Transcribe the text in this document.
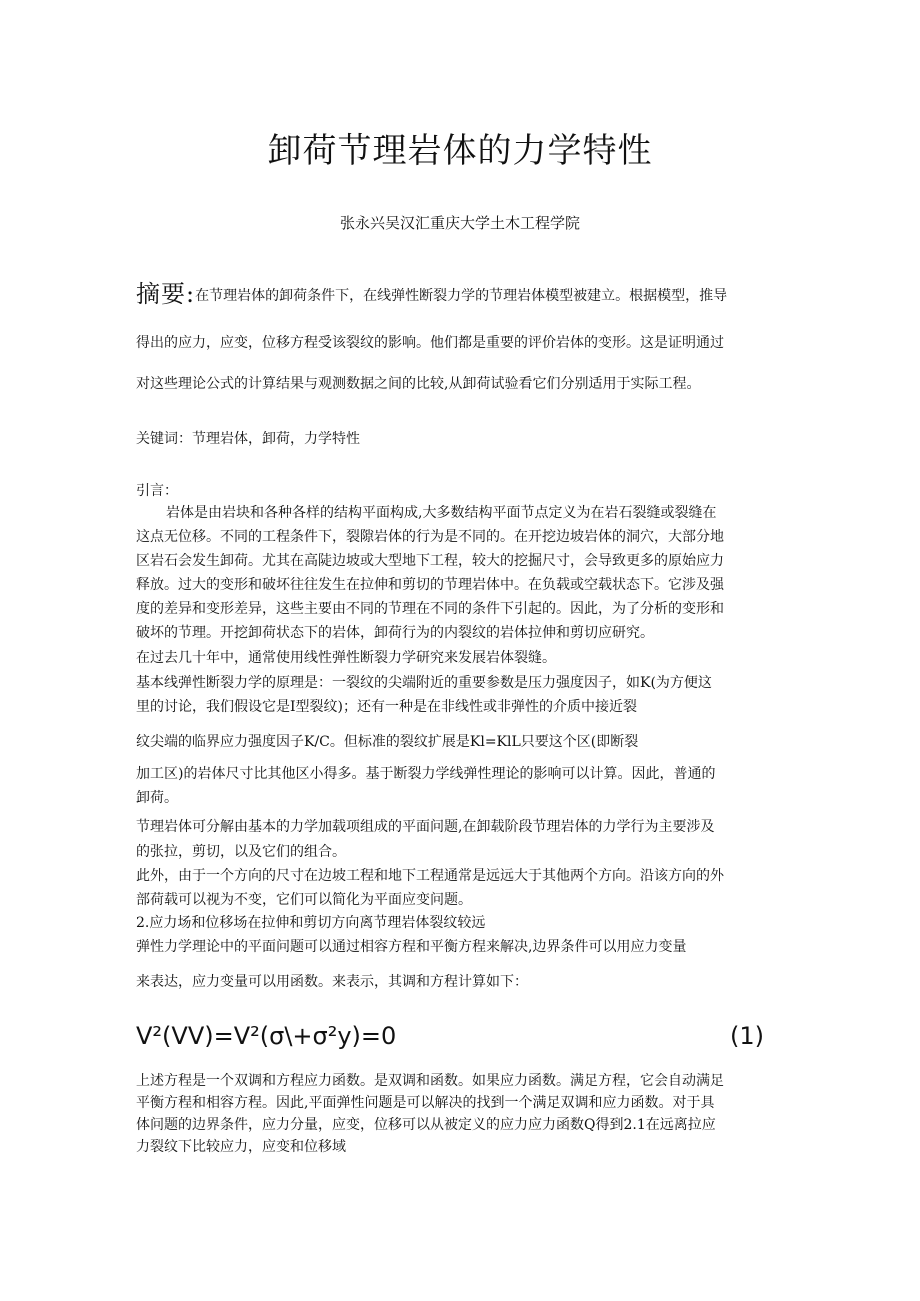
卸荷节理岩体的力学特性
张永兴吴汉汇重庆大学土木工程学院
摘要:在节理岩体的卸荷条件下，在线弹性断裂力学的节理岩体模型被建立。根据模型，推导
得出的应力，应变，位移方程受该裂纹的影响。他们都是重要的评价岩体的变形。这是证明通过
对这些理论公式的计算结果与观测数据之间的比较,从卸荷试验看它们分别适用于实际工程。
关键词：节理岩体，卸荷，力学特性
引言：
岩体是由岩块和各种各样的结构平面构成,大多数结构平面节点定义为在岩石裂缝或裂缝在
这点无位移。不同的工程条件下，裂隙岩体的行为是不同的。在开挖边坡岩体的洞穴，大部分地
区岩石会发生卸荷。尤其在高陡边坡或大型地下工程，较大的挖掘尺寸，会导致更多的原始应力
释放。过大的变形和破坏往往发生在拉伸和剪切的节理岩体中。在负载或空载状态下。它涉及强
度的差异和变形差异，这些主要由不同的节理在不同的条件下引起的。因此，为了分析的变形和
破坏的节理。开挖卸荷状态下的岩体，卸荷行为的内裂纹的岩体拉伸和剪切应研究。
在过去几十年中，通常使用线性弹性断裂力学研究来发展岩体裂缝。
基本线弹性断裂力学的原理是：一裂纹的尖端附近的重要参数是压力强度因子，如K(为方便这
里的讨论，我们假设它是I型裂纹)；还有一种是在非线性或非弹性的介质中接近裂
纹尖端的临界应力强度因子K/C。但标准的裂纹扩展是Kl=KlL只要这个区(即断裂
加工区)的岩体尺寸比其他区小得多。基于断裂力学线弹性理论的影响可以计算。因此，普通的
卸荷。
节理岩体可分解由基本的力学加载项组成的平面问题,在卸载阶段节理岩体的力学行为主要涉及
的张拉，剪切，以及它们的组合。
此外，由于一个方向的尺寸在边坡工程和地下工程通常是远远大于其他两个方向。沿该方向的外
部荷载可以视为不变，它们可以简化为平面应变问题。
2.应力场和位移场在拉伸和剪切方向离节理岩体裂纹较远
弹性力学理论中的平面问题可以通过相容方程和平衡方程来解决,边界条件可以用应力变量
来表达，应力变量可以用函数。来表示，其调和方程计算如下：
V²(VV)=V²(σ\+σ²y)=0	(1)
上述方程是一个双调和方程应力函数。是双调和函数。如果应力函数。满足方程，它会自动满足
平衡方程和相容方程。因此,平面弹性问题是可以解决的找到一个满足双调和应力函数。对于具
体问题的边界条件，应力分量，应变，位移可以从被定义的应力应力函数Q得到2.1在远离拉应
力裂纹下比较应力，应变和位移域
